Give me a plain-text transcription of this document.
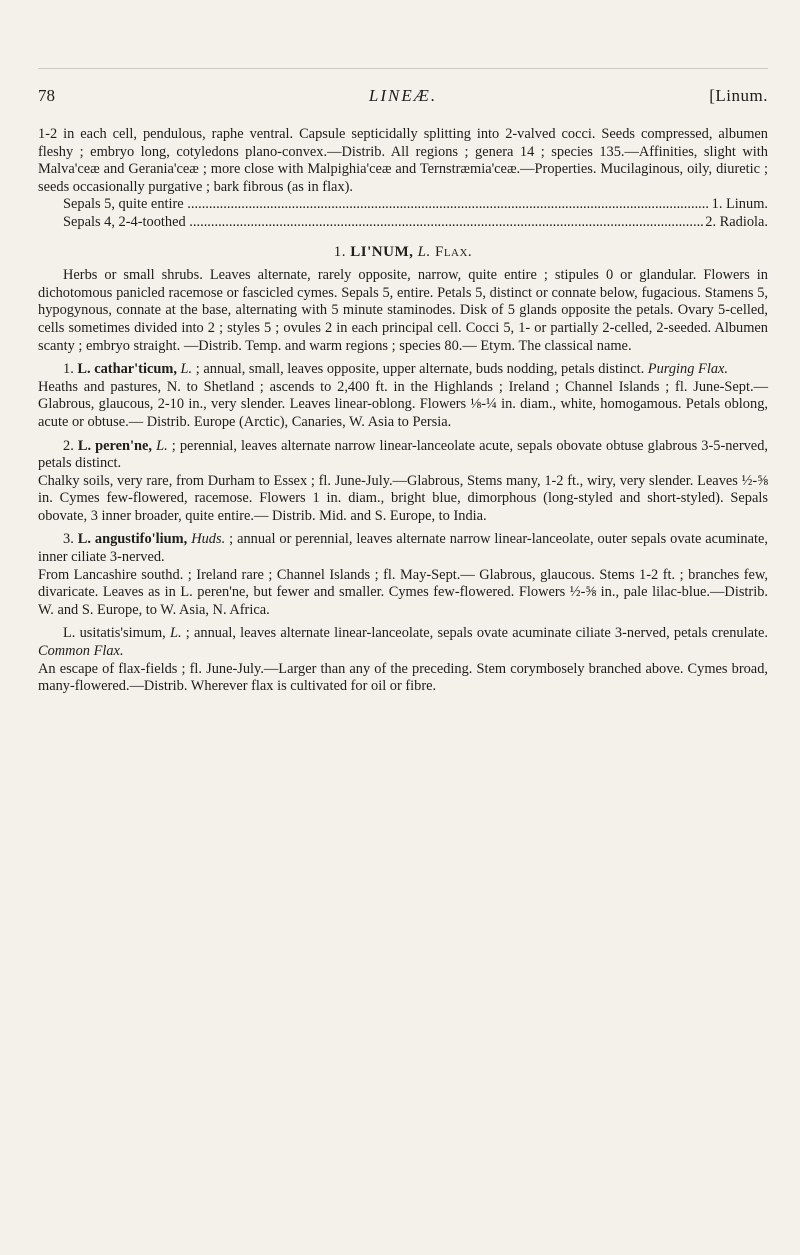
78	LINEÆ.	[Linum.

1-2 in each cell, pendulous, raphe ventral. Capsule septicidally splitting into 2-valved cocci. Seeds compressed, albumen fleshy ; embryo long, cotyledons plano-convex.—Distrib. All regions ; genera 14 ; species 135.—Affinities, slight with Malva'ceæ and Gerania'ceæ ; more close with Malpighia'ceæ and Ternstræmia'ceæ.—Properties. Mucilaginous, oily, diuretic ; seeds occasionally purgative ; bark fibrous (as in flax).

Sepals 5, quite entire .....	1. Linum.
Sepals 4, 2-4-toothed .....	2. Radiola.
1. LI'NUM, L. Flax.

Herbs or small shrubs. Leaves alternate, rarely opposite, narrow, quite entire ; stipules 0 or glandular. Flowers in dichotomous panicled racemose or fascicled cymes. Sepals 5, entire. Petals 5, distinct or connate below, fugacious. Stamens 5, hypogynous, connate at the base, alternating with 5 minute staminodes. Disk of 5 glands opposite the petals. Ovary 5-celled, cells sometimes divided into 2 ; styles 5 ; ovules 2 in each principal cell. Cocci 5, 1- or partially 2-celled, 2-seeded. Albumen scanty ; embryo straight. —Distrib. Temp. and warm regions ; species 80.— Etym. The classical name.

1. L. cathar'ticum, L. ; annual, small, leaves opposite, upper alternate, buds nodding, petals distinct. Purging Flax.

Heaths and pastures, N. to Shetland ; ascends to 2,400 ft. in the Highlands ; Ireland ; Channel Islands ; fl. June-Sept.—Glabrous, glaucous, 2-10 in., very slender. Leaves linear-oblong. Flowers ⅛-¼ in. diam., white, homogamous. Petals oblong, acute or obtuse.— Distrib. Europe (Arctic), Canaries, W. Asia to Persia.

2. L. peren'ne, L. ; perennial, leaves alternate narrow linear-lanceolate acute, sepals obovate obtuse glabrous 3-5-nerved, petals distinct.

Chalky soils, very rare, from Durham to Essex ; fl. June-July.—Glabrous, Stems many, 1-2 ft., wiry, very slender. Leaves ½-⅝ in. Cymes few-flowered, racemose. Flowers 1 in. diam., bright blue, dimorphous (long-styled and short-styled). Sepals obovate, 3 inner broader, quite entire.— Distrib. Mid. and S. Europe, to India.

3. L. angustifo'lium, Huds. ; annual or perennial, leaves alternate narrow linear-lanceolate, outer sepals ovate acuminate, inner ciliate 3-nerved.

From Lancashire southd. ; Ireland rare ; Channel Islands ; fl. May-Sept.— Glabrous, glaucous. Stems 1-2 ft. ; branches few, divaricate. Leaves as in L. peren'ne, but fewer and smaller. Cymes few-flowered. Flowers ½-⅝ in., pale lilac-blue.—Distrib. W. and S. Europe, to W. Asia, N. Africa.

L. usitatis'simum, L. ; annual, leaves alternate linear-lanceolate, sepals ovate acuminate ciliate 3-nerved, petals crenulate. Common Flax.

An escape of flax-fields ; fl. June-July.—Larger than any of the preceding. Stem corymbosely branched above. Cymes broad, many-flowered.—Distrib. Wherever flax is cultivated for oil or fibre.
